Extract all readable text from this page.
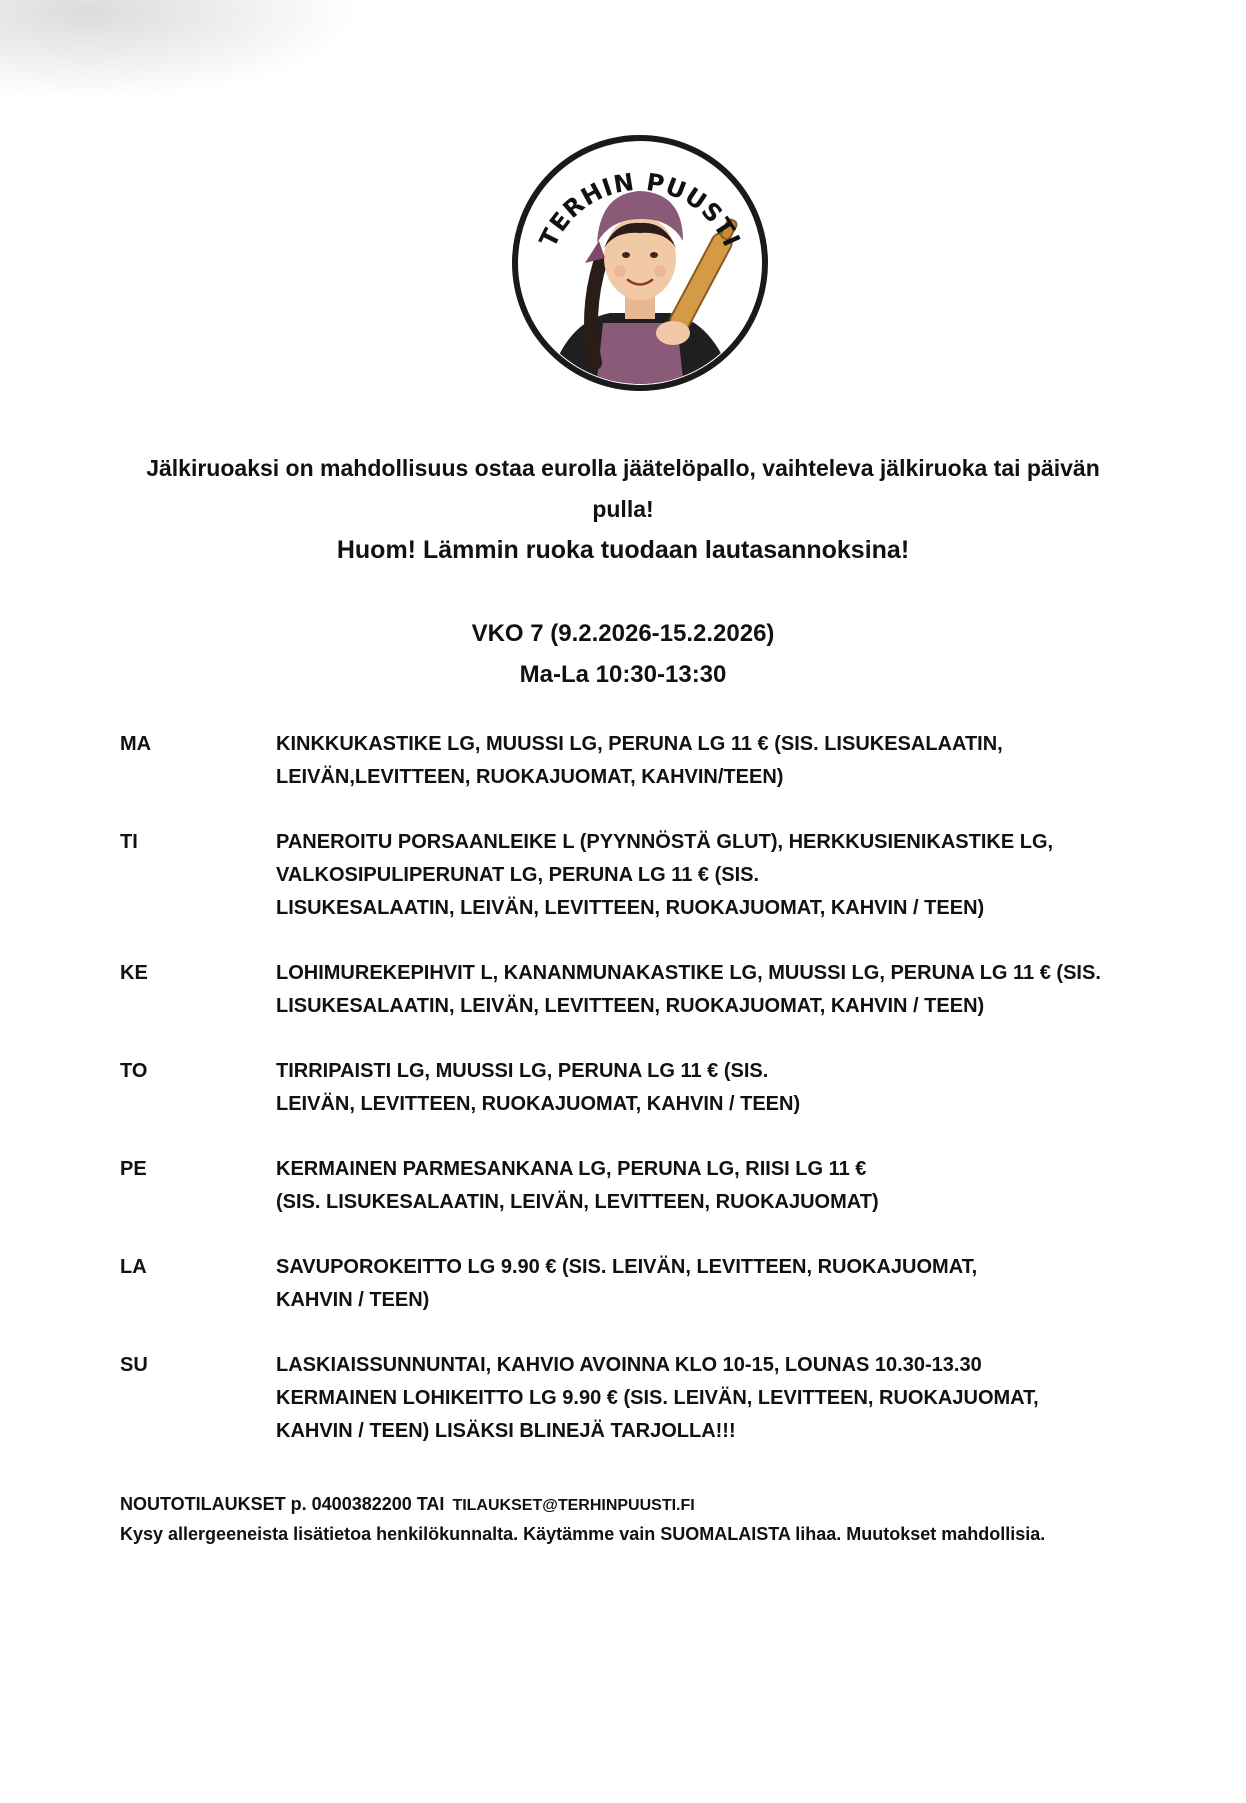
TERHIN PUUSTI
Jälkiruoaksi on mahdollisuus ostaa eurolla jäätelöpallo, vaihteleva jälkiruoka tai päivän pulla!
Huom! Lämmin ruoka tuodaan lautasannoksina!
VKO 7 (9.2.2026-15.2.2026)
Ma-La 10:30-13:30
MA	KINKKUKASTIKE LG, MUUSSI LG, PERUNA LG 11 € (SIS. LISUKESALAATIN,
LEIVÄN,LEVITTEEN, RUOKAJUOMAT, KAHVIN/TEEN)
TI	PANEROITU PORSAANLEIKE L (PYYNNÖSTÄ GLUT), HERKKUSIENIKASTIKE LG,
VALKOSIPULIPERUNAT LG, PERUNA LG 11 € (SIS.
LISUKESALAATIN, LEIVÄN, LEVITTEEN, RUOKAJUOMAT, KAHVIN / TEEN)
KE	LOHIMUREKEPIHVIT L, KANANMUNAKASTIKE LG, MUUSSI LG, PERUNA LG 11 € (SIS.
LISUKESALAATIN, LEIVÄN, LEVITTEEN, RUOKAJUOMAT, KAHVIN / TEEN)
TO	TIRRIPAISTI LG, MUUSSI LG, PERUNA LG 11 € (SIS.
LEIVÄN, LEVITTEEN, RUOKAJUOMAT, KAHVIN / TEEN)
PE	KERMAINEN PARMESANKANA LG, PERUNA LG, RIISI LG 11 €
(SIS. LISUKESALAATIN, LEIVÄN, LEVITTEEN, RUOKAJUOMAT)
LA	SAVUPOROKEITTO LG 9.90 € (SIS. LEIVÄN, LEVITTEEN, RUOKAJUOMAT,
KAHVIN / TEEN)
SU	LASKIAISSUNNUNTAI, KAHVIO AVOINNA KLO 10-15, LOUNAS 10.30-13.30
KERMAINEN LOHIKEITTO LG 9.90 € (SIS. LEIVÄN, LEVITTEEN, RUOKAJUOMAT,
KAHVIN / TEEN) LISÄKSI BLINEJÄ TARJOLLA!!!
NOUTOTILAUKSET p. 0400382200 TAI TILAUKSET@TERHINPUUSTI.FI
Kysy allergeeneista lisätietoa henkilökunnalta. Käytämme vain SUOMALAISTA lihaa. Muutokset mahdollisia.
